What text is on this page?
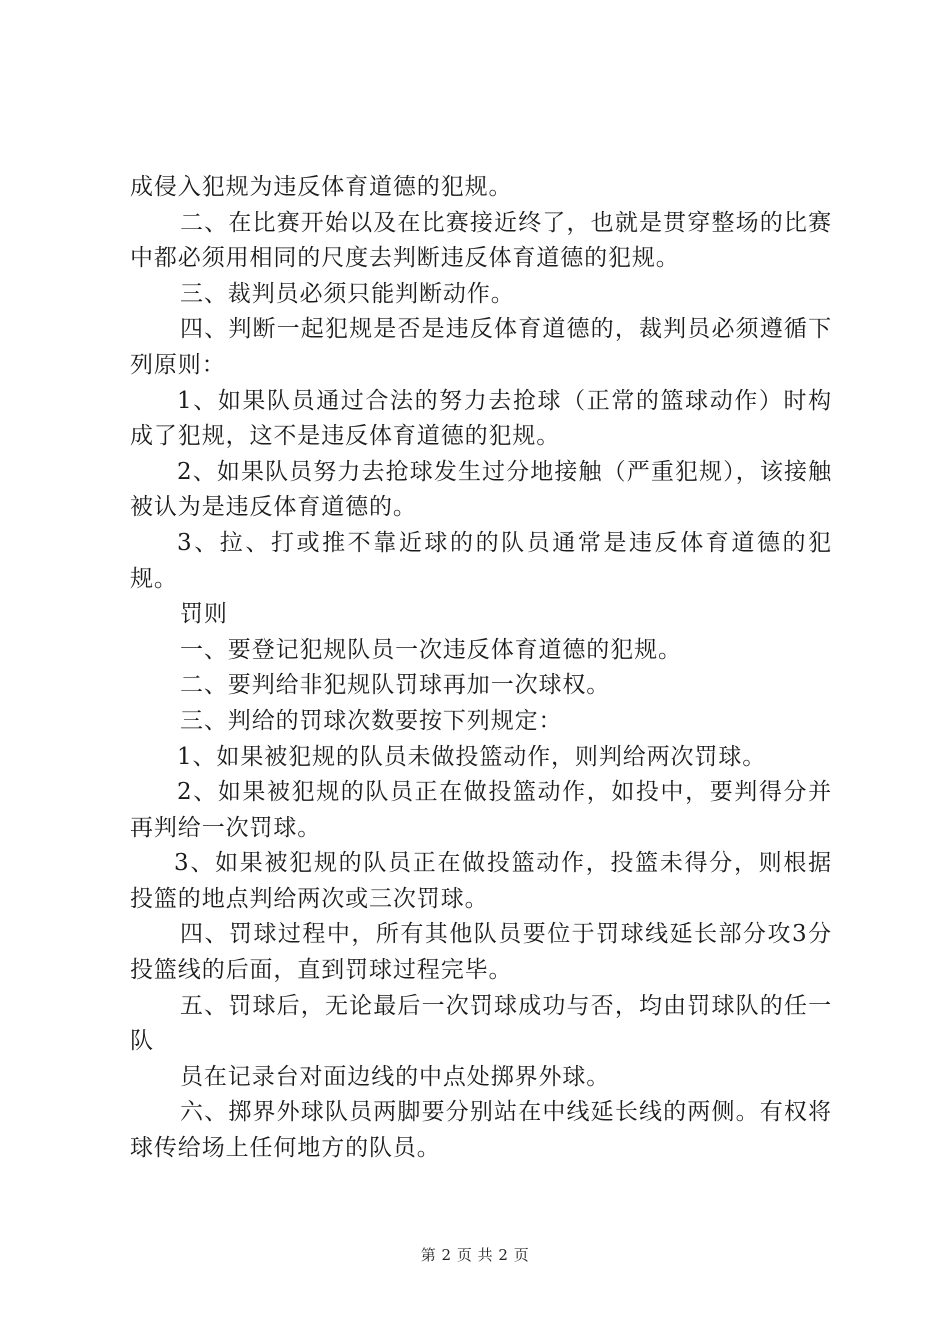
成侵入犯规为违反体育道德的犯规。

二、在比赛开始以及在比赛接近终了，也就是贯穿整场的比赛中都必须用相同的尺度去判断违反体育道德的犯规。

三、裁判员必须只能判断动作。

四、判断一起犯规是否是违反体育道德的，裁判员必须遵循下列原则：

1、如果队员通过合法的努力去抢球（正常的篮球动作）时构成了犯规，这不是违反体育道德的犯规。

2、如果队员努力去抢球发生过分地接触（严重犯规），该接触被认为是违反体育道德的。

3、拉、打或推不靠近球的的队员通常是违反体育道德的犯规。

罚则

一、要登记犯规队员一次违反体育道德的犯规。

二、要判给非犯规队罚球再加一次球权。

三、判给的罚球次数要按下列规定：

1、如果被犯规的队员未做投篮动作，则判给两次罚球。

2、如果被犯规的队员正在做投篮动作，如投中，要判得分并再判给一次罚球。

3、如果被犯规的队员正在做投篮动作，投篮未得分，则根据投篮的地点判给两次或三次罚球。

四、罚球过程中，所有其他队员要位于罚球线延长部分攻3分投篮线的后面，直到罚球过程完毕。

五、罚球后，无论最后一次罚球成功与否，均由罚球队的任一队

员在记录台对面边线的中点处掷界外球。

六、掷界外球队员两脚要分别站在中线延长线的两侧。有权将球传给场上任何地方的队员。

第 2 页 共 2 页
